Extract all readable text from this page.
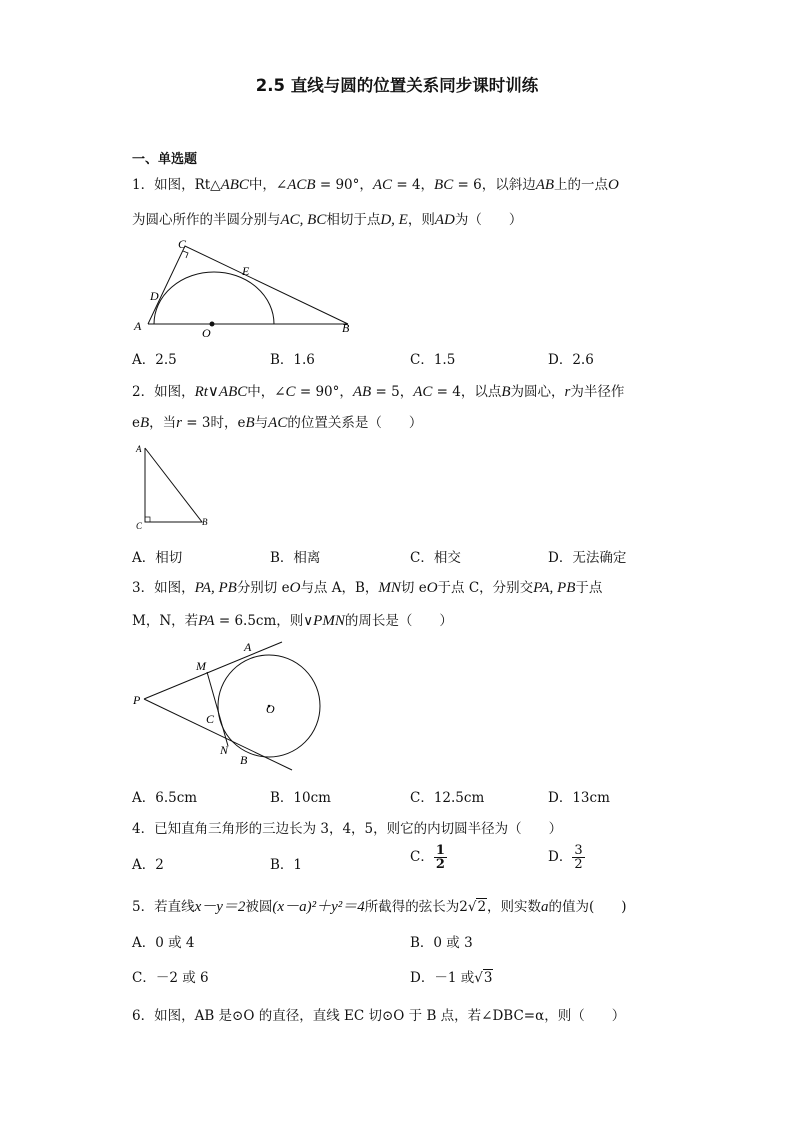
2.5 直线与圆的位置关系同步课时训练
一、单选题
1．如图，Rt△ABC中，∠ACB = 90°，AC = 4，BC = 6，以斜边AB上的一点O
为圆心所作的半圆分别与AC, BC相切于点D, E，则AD为（　　）
C
D
E
A	O	B
A．2.5	B．1.6	C．1.5	D．2.6
2．如图，Rt∨ABC中，∠C = 90°，AB = 5，AC = 4，以点B为圆心，r为半径作
eB，当r = 3时，eB与AC的位置关系是（　　）
A
C	B
A．相切	B．相离	C．相交	D．无法确定
3．如图，PA, PB分别切 eO与点 A，B，MN切 eO于点 C，分别交PA, PB于点
M，N，若PA = 6.5cm，则∨PMN的周长是（　　）
P
M
A
C
O
N
B
A．6.5cm	B．10cm	C．12.5cm	D．13cm
4．已知直角三角形的三边长为 3，4，5，则它的内切圆半径为（　　）
A．2	B．1	C． $\frac{1}{2}$	D． $\frac{3}{2}$
5．若直线x－y＝2被圆(x－a)²＋y²＝4所截得的弦长为2√2，则实数a的值为(　　)
A．0 或 4	B．0 或 3
C．－2 或 6	D．－1 或√3
6．如图，AB 是⊙O 的直径，直线 EC 切⊙O 于 B 点，若∠DBC=α，则（　　）
